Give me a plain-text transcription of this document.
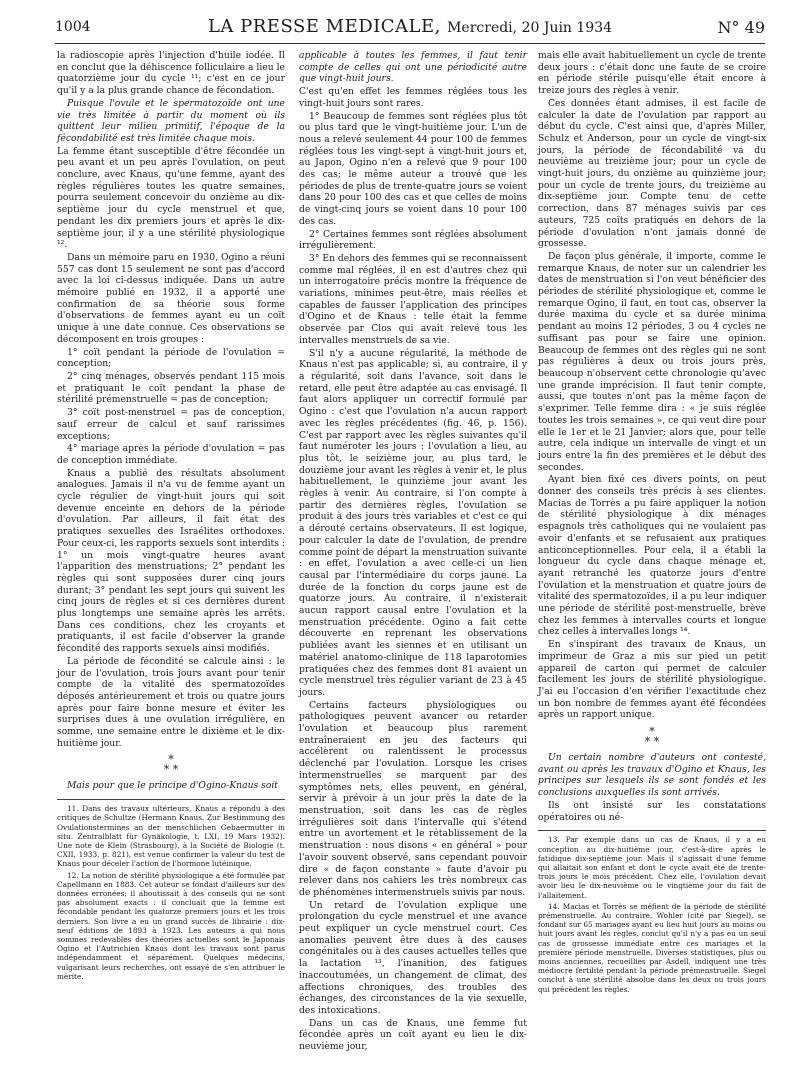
1004	LA PRESSE MEDICALE, Mercredi, 20 Juin 1934	N° 49

la radioscopie après l'injection d'huile iodée. Il en conclut que la déhiscence folliculaire a lieu le quatorzième jour du cycle ¹¹; c'est en ce jour qu'il y a la plus grande chance de fécondation.

Puisque l'ovule et le spermatozoïde ont une vie très limitée à partir du moment où ils quittent leur milieu primitif, l'époque de la fécondabilité est très limitée chaque mois.

La femme étant susceptible d'être fécondée un peu avant et un peu après l'ovulation, on peut conclure, avec Knaus, qu'une femme, ayant des règles régulières toutes les quatre semaines, pourra seulement concevoir du onzième au dix-septième jour du cycle menstruel et que, pendant les dix premiers jours et après le dix-septième jour, il y a une stérilité physiologique ¹².

Dans un mémoire paru en 1930, Ogino a réuni 557 cas dont 15 seulement ne sont pas d'accord avec la loi ci-dessus indiquée. Dans un autre mémoire publié en 1932, il a apporté une confirmation de sa théorie sous forme d'observations de femmes ayant eu un coït unique à une date connue. Ces observations se décomposent en trois groupes :

1° coït pendant la période de l'ovulation = conception;

2° cinq ménages, observés pendant 115 mois et pratiquant le coït pendant la phase de stérilité prémenstruelle = pas de conception;

3° coït post-menstruel = pas de conception, sauf erreur de calcul et sauf rarissimes exceptions;

4° mariage après la période d'ovulation = pas de conception immédiate.

Knaus a publié des résultats absolument analogues. Jamais il n'a vu de femme ayant un cycle régulier de vingt-huit jours qui soit devenue enceinte en dehors de la période d'ovulation. Par ailleurs, il fait état des pratiques sexuelles des Israélites orthodoxes. Pour ceux-ci, les rapports sexuels sont interdits : 1° un mois vingt-quatre heures avant l'apparition des menstruations; 2° pendant les règles qui sont supposées durer cinq jours durant; 3° pendant les sept jours qui suivent les cinq jours de règles et si ces dernières durent plus longtemps une semaine après les arrêts. Dans ces conditions, chez les croyants et pratiquants, il est facile d'observer la grande fécondité des rapports sexuels ainsi modifiés.

La période de fécondité se calcule ainsi : le jour de l'ovulation, trois jours avant pour tenir compte de la vitalité des spermatozoïdes déposés antérieurement et trois ou quatre jours après pour faire bonne mesure et éviter les surprises dues à une ovulation irrégulière, en somme, une semaine entre le dixième et le dix-huitième jour.

*
* *

Mais pour que le principe d'Ogino-Knaus soit

11. Dans des travaux ultérieurs, Knaus a répondu à des critiques de Schultze (Hermann Knaus. Zur Bestimmung des Ovulationstermines an der menschlichen Gebaermutter in situ. Zentralblatt für Gynäkologie, t. LXI, 19 Mars 1932). Une note de Klein (Strasbourg), à la Société de Biologie (t. CXII, 1933, p. 821), est venue confirmer la valeur du test de Knaus pour déceler l'action de l'hormone lutéinique.

12. La notion de stérilité physiologique a été formulée par Capellmann en 1883. Cet auteur se fondait d'ailleurs sur des données erronées; il aboutissait à des conseils qui ne sont pas absolument exacts : il concluait que la femme est fécondable pendant les quatorze premiers jours et les trois derniers. Son livre a eu un grand succès de librairie : dix-neuf éditions de 1893 à 1923. Les auteurs à qui nous sommes redevables des théories actuelles sont le Japonais Ogino et l'Autrichien Knaus dont les travaux sont parus indépendamment et séparément. Quelques médecins, vulgarisant leurs recherches, ont essayé de s'en attribuer le mérite.

applicable à toutes les femmes, il faut tenir compte de celles qui ont une périodicité autre que vingt-huit jours.

C'est qu'en effet les femmes réglées tous les vingt-huit jours sont rares.

1° Beaucoup de femmes sont réglées plus tôt ou plus tard que le vingt-huitième jour. L'un de nous a relevé seulement 44 pour 100 de femmes réglées tous les vingt-sept à vingt-huit jours et, au Japon, Ogino n'en a relevé que 9 pour 100 des cas; le même auteur a trouvé que les périodes de plus de trente-quatre jours se voient dans 20 pour 100 des cas et que celles de moins de vingt-cinq jours se voient dans 10 pour 100 des cas.

2° Certaines femmes sont réglées absolument irrégulièrement.

3° En dehors des femmes qui se reconnaissent comme mal réglées, il en est d'autres chez qui un interrogatoire précis montre la fréquence de variations, minimes peut-être, mais réelles et capables de fausser l'application des principes d'Ogino et de Knaus : telle était la femme observée par Clos qui avait relevé tous les intervalles menstruels de sa vie.

S'il n'y a aucune régularité, la méthode de Knaus n'est pas applicable; si, au contraire, il y a régularité, soit dans l'avance, soit dans le retard, elle peut être adaptée au cas envisagé. Il faut alors appliquer un correctif formulé par Ogino : c'est que l'ovulation n'a aucun rapport avec les règles précédentes (fig. 46, p. 156). C'est par rapport avec les règles suivantes qu'il faut numéroter les jours : l'ovulation a lieu, au plus tôt, le seizième jour, au plus tard, le douzième jour avant les règles à venir et, le plus habituellement, le quinzième jour avant les règles à venir. Au contraire, si l'on compte à partir des dernières règles, l'ovulation se produit à des jours très variables et c'est ce qui a dérouté certains observateurs. Il est logique, pour calculer la date de l'ovulation, de prendre comme point de départ la menstruation suivante : en effet, l'ovulation a avec celle-ci un lien causal par l'intermédiaire du corps jaune. La durée de la fonction du corps jaune est de quatorze jours. Au contraire, il n'existerait aucun rapport causal entre l'ovulation et la menstruation précédente. Ogino a fait cette découverte en reprenant les observations publiées avant les siennes et en utilisant un matériel anatomo-clinique de 118 laparotomies pratiquées chez des femmes dont 81 avaient un cycle menstruel très régulier variant de 23 à 45 jours.

Certains facteurs physiologiques ou pathologiques peuvent avancer ou retarder l'ovulation et beaucoup plus rarement entraîneraient en jeu des facteurs qui accélèrent ou ralentissent le processus déclenché par l'ovulation. Lorsque les crises intermenstruelles se marquent par des symptômes nets, elles peuvent, en général, servir à prévoir à un jour près la date de la menstruation, soit dans les cas de règles irrégulières soit dans l'intervalle qui s'étend entre un avortement et le rétablissement de la menstruation : nous disons « en général » pour l'avoir souvent observé, sans cependant pouvoir dire « de façon constante » faute d'avoir pu relever dans nos cahiers les très nombreux cas de phénomènes intermenstruels suivis par nous.

Un retard de l'ovulation explique une prolongation du cycle menstruel et une avance peut expliquer un cycle menstruel court. Ces anomalies peuvent être dues à des causes congénitales ou à des causes actuelles telles que la lactation ¹³, l'inanition, des fatigues inaccoutumées, un changement de climat, des affections chroniques, des troubles des échanges, des circonstances de la vie sexuelle, des intoxications.

Dans un cas de Knaus, une femme fut fécondée après un coït ayant eu lieu le dix-neuvième jour,

mais elle avait habituellement un cycle de trente deux jours : c'était donc une faute de se croire en période stérile puisqu'elle était encore à treize jours des règles à venir.

Ces données étant admises, il est facile de calculer la date de l'ovulation par rapport au début du cycle. C'est ainsi que, d'après Miller, Schulz et Anderson, pour un cycle de vingt-six jours, la période de fécondabilité va du neuvième au treizième jour; pour un cycle de vingt-huit jours, du onzième au quinzième jour; pour un cycle de trente jours, du treizième au dix-septième jour. Compte tenu de cette correction, dans 87 ménages suivis par ces auteurs, 725 coïts pratiqués en dehors de la période d'ovulation n'ont jamais donné de grossesse.

De façon plus générale, il importe, comme le remarque Knaus, de noter sur un calendrier les dates de menstruation si l'on veut bénéficier des périodes de stérilité physiologique et, comme le remarque Ogino, il faut, en tout cas, observer la durée maxima du cycle et sa durée minima pendant au moins 12 périodes, 3 ou 4 cycles ne suffisant pas pour se faire une opinion. Beaucoup de femmes ont des règles qui ne sont pas régulières à deux ou trois jours près, beaucoup n'observent cette chronologie qu'avec une grande imprécision. Il faut tenir compte, aussi, que toutes n'ont pas la même façon de s'exprimer. Telle femme dira : « je suis réglée toutes les trois semaines », ce qui veut dire pour elle le 1er et le 21 Janvier; alors que, pour telle autre, cela indique un intervalle de vingt et un jours entre la fin des premières et le début des secondes.

Ayant bien fixé ces divers points, on peut donner des conseils très précis à ses clientes. Macias de Torrès a pu faire appliquer la notion de stérilité physiologique à dix ménages espagnols très catholiques qui ne voulaient pas avoir d'enfants et se refusaient aux pratiques anticonceptionnelles. Pour cela, il a établi la longueur du cycle dans chaque ménage et, ayant retranché les quatorze jours d'entre l'ovulation et la menstruation et quatre jours de vitalité des spermatozoïdes, il a pu leur indiquer une période de stérilité post-menstruelle, brève chez les femmes à intervalles courts et longue chez celles à intervalles longs ¹⁴.

En s'inspirant des travaux de Knaus, un imprimeur de Graz a mis sur pied un petit appareil de carton qui permet de calculer facilement les jours de stérilité physiologique. J'ai eu l'occasion d'en vérifier l'exactitude chez un bon nombre de femmes ayant été fécondées après un rapport unique.

*
* *

Un certain nombre d'auteurs ont contesté, avant ou après les travaux d'Ogino et Knaus, les principes sur lesquels ils se sont fondés et les conclusions auxquelles ils sont arrivés.

Ils ont insisté sur les constatations opératoires ou né-

13. Par exemple dans un cas de Knaus, il y a eu conception au dix-huitième jour, c'est-à-dire après le fatidique dix-septième jour. Mais il s'agissait d'une femme qui allaitait son enfant et dont le cycle avait été de trente-trois jours le mois précédent. Chez elle, l'ovulation devait avoir lieu le dix-neuvième ou le vingtième jour du fait de l'allaitement.

14. Macias et Torrès se méfient de la période de stérilité prémenstruelle. Au contraire, Wohler (cité par Siegel), se fondant sur 65 mariages ayant eu lieu huit jours au moins ou huit jours avant les règles, conclut qu'il n'y a pas eu un seul cas de grossesse immédiate entre ces mariages et la première période menstruelle. Diverses statistiques, plus ou moins anciennes, recueillies par Asdell, indiquent une très médiocre fertilité pendant la période prémenstruelle. Siegel conclut à une stérilité absolue dans les deux ou trois jours qui précèdent les règles.
